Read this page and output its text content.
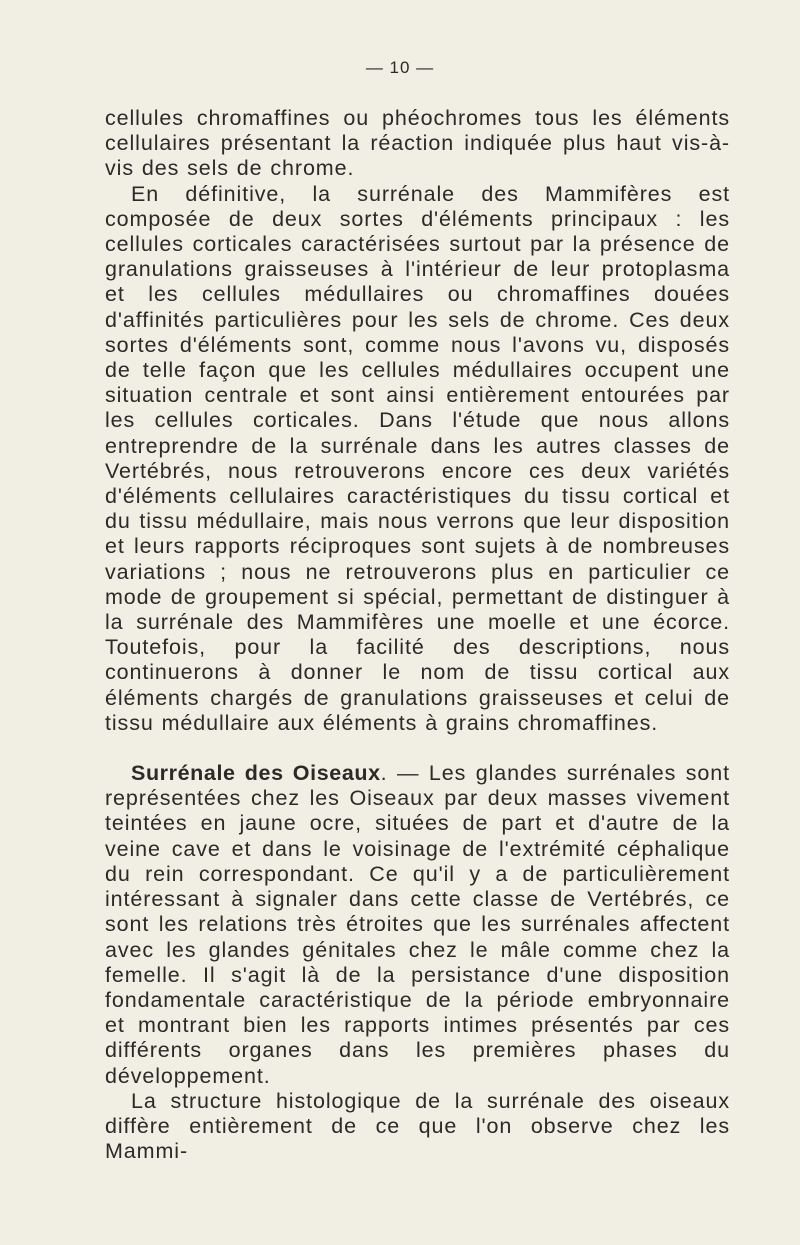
— 10 —

cellules chromaffines ou phéochromes tous les éléments cellulaires présentant la réaction indiquée plus haut vis-à-vis des sels de chrome.

En définitive, la surrénale des Mammifères est composée de deux sortes d'éléments principaux : les cellules corticales caractérisées surtout par la présence de granulations graisseuses à l'intérieur de leur protoplasma et les cellules médullaires ou chromaffines douées d'affinités particulières pour les sels de chrome. Ces deux sortes d'éléments sont, comme nous l'avons vu, disposés de telle façon que les cellules médullaires occupent une situation centrale et sont ainsi entièrement entourées par les cellules corticales. Dans l'étude que nous allons entreprendre de la surrénale dans les autres classes de Vertébrés, nous retrouverons encore ces deux variétés d'éléments cellulaires caractéristiques du tissu cortical et du tissu médullaire, mais nous verrons que leur disposition et leurs rapports réciproques sont sujets à de nombreuses variations ; nous ne retrouverons plus en particulier ce mode de groupement si spécial, permettant de distinguer à la surrénale des Mammifères une moelle et une écorce. Toutefois, pour la facilité des descriptions, nous continuerons à donner le nom de tissu cortical aux éléments chargés de granulations graisseuses et celui de tissu médullaire aux éléments à grains chromaffines.

Surrénale des Oiseaux. — Les glandes surrénales sont représentées chez les Oiseaux par deux masses vivement teintées en jaune ocre, situées de part et d'autre de la veine cave et dans le voisinage de l'extrémité céphalique du rein correspondant. Ce qu'il y a de particulièrement intéressant à signaler dans cette classe de Vertébrés, ce sont les relations très étroites que les surrénales affectent avec les glandes génitales chez le mâle comme chez la femelle. Il s'agit là de la persistance d'une disposition fondamentale caractéristique de la période embryonnaire et montrant bien les rapports intimes présentés par ces différents organes dans les premières phases du développement.

La structure histologique de la surrénale des oiseaux diffère entièrement de ce que l'on observe chez les Mammi-
